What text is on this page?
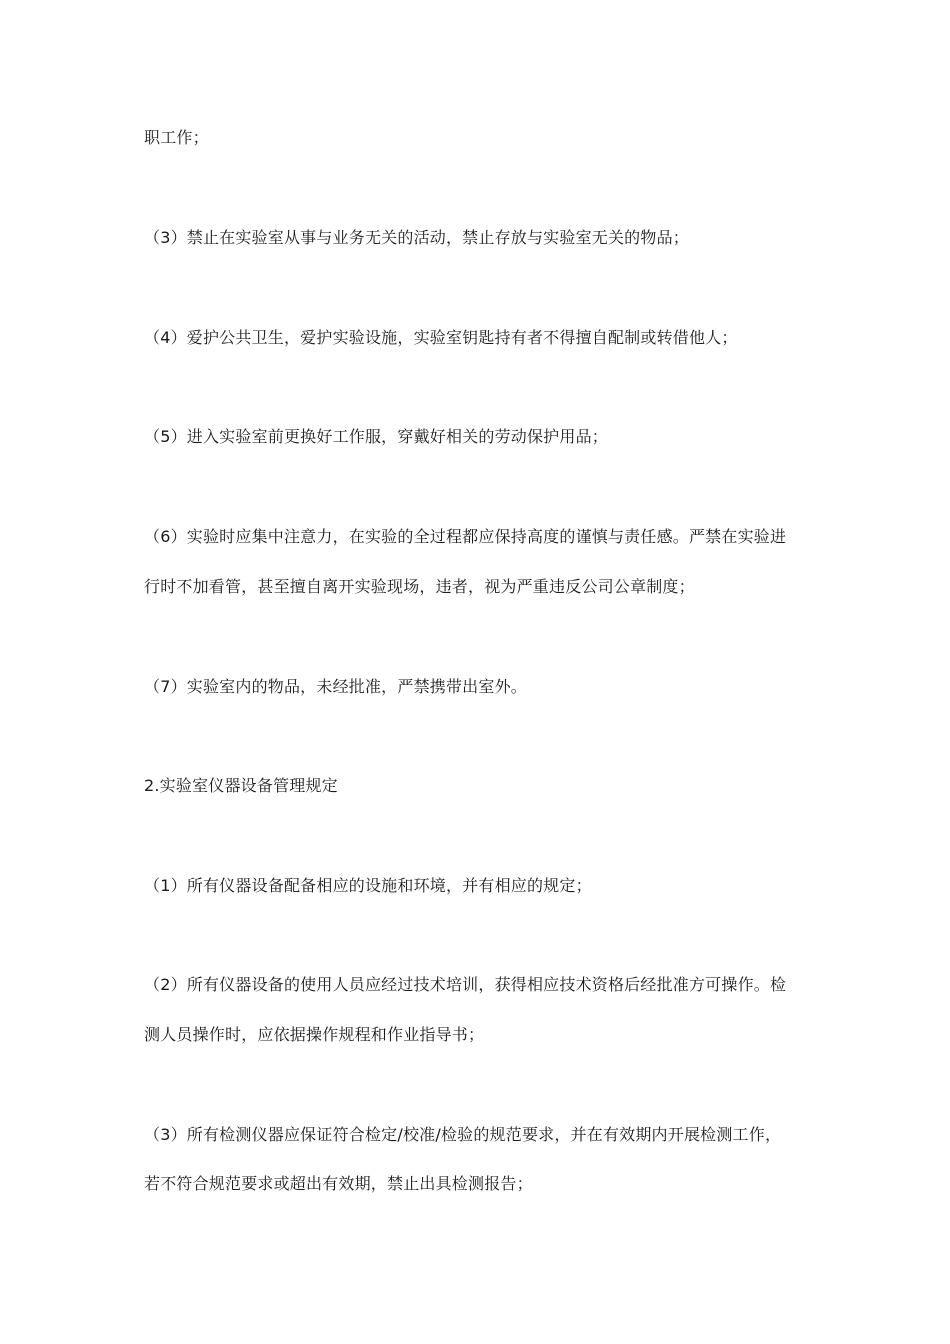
职工作；
（3）禁止在实验室从事与业务无关的活动，禁止存放与实验室无关的物品；
（4）爱护公共卫生，爱护实验设施，实验室钥匙持有者不得擅自配制或转借他人；
（5）进入实验室前更换好工作服，穿戴好相关的劳动保护用品；
（6）实验时应集中注意力，在实验的全过程都应保持高度的谨慎与责任感。严禁在实验进
行时不加看管，甚至擅自离开实验现场，违者，视为严重违反公司公章制度；
（7）实验室内的物品，未经批准，严禁携带出室外。
2.实验室仪器设备管理规定
（1）所有仪器设备配备相应的设施和环境，并有相应的规定；
（2）所有仪器设备的使用人员应经过技术培训，获得相应技术资格后经批准方可操作。检
测人员操作时，应依据操作规程和作业指导书；
（3）所有检测仪器应保证符合检定/校准/检验的规范要求，并在有效期内开展检测工作，
若不符合规范要求或超出有效期，禁止出具检测报告；
